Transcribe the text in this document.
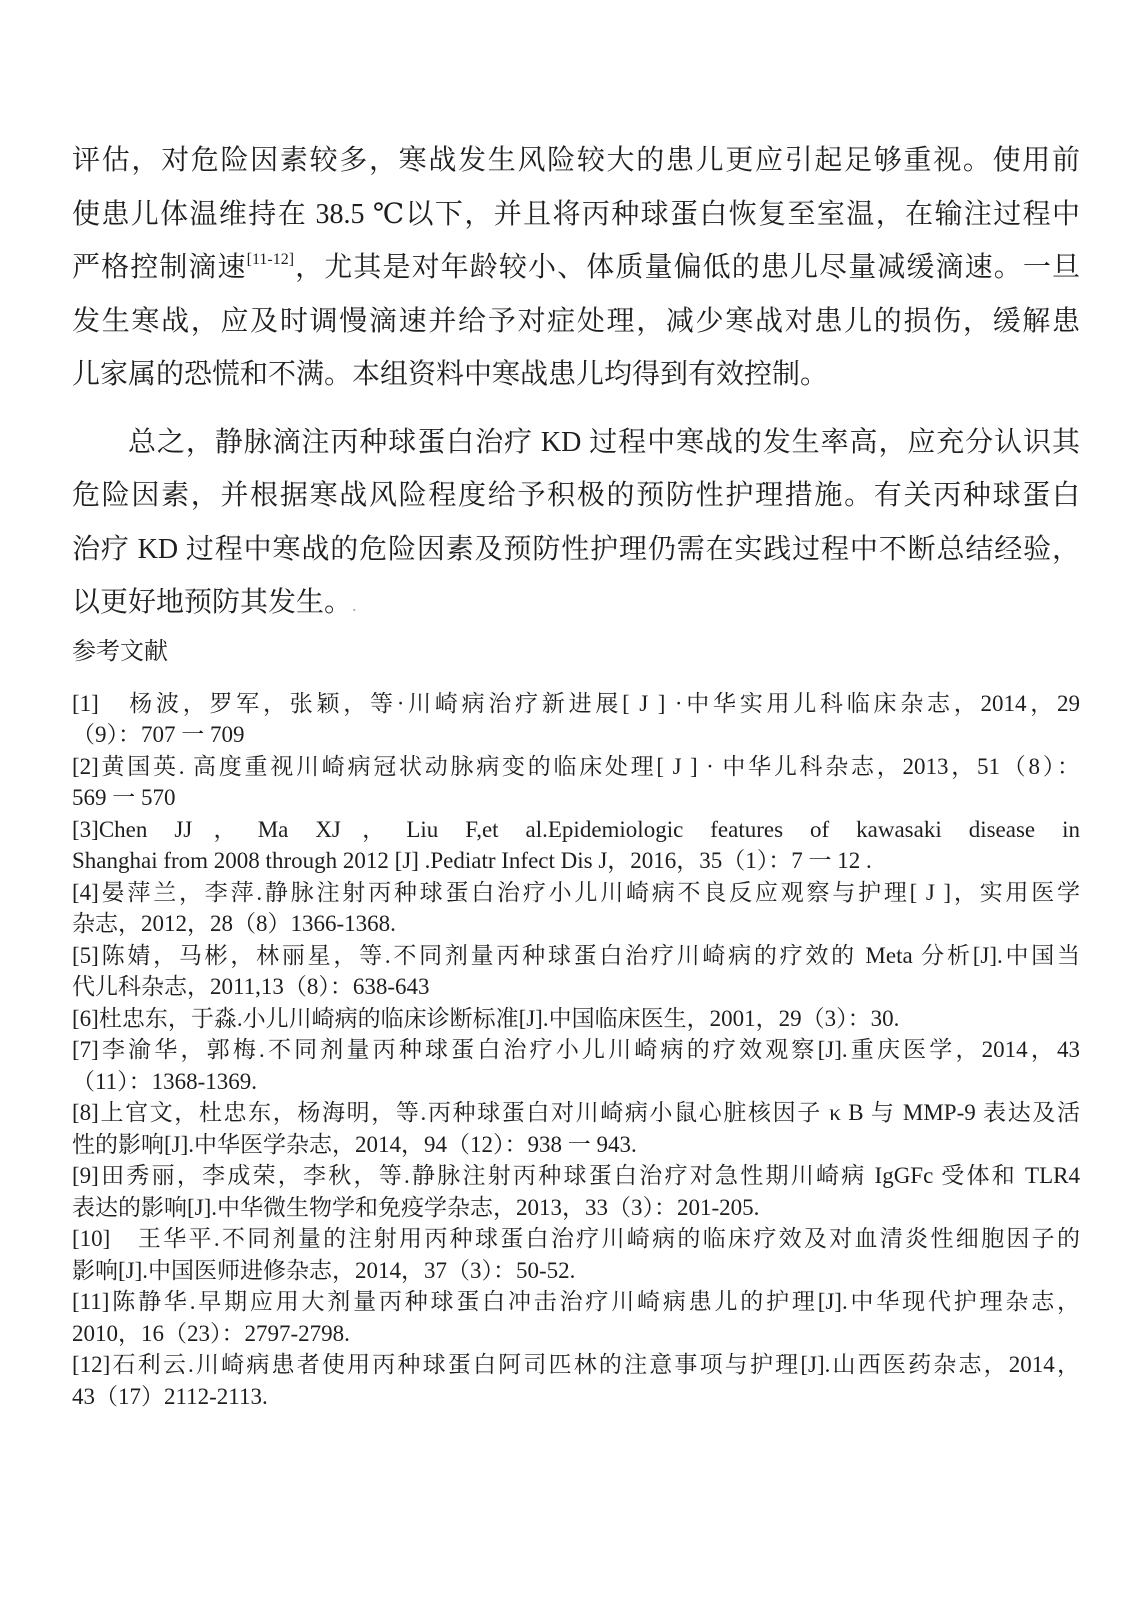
评估，对危险因素较多，寒战发生风险较大的患儿更应引起足够重视。使用前
使患儿体温维持在 38.5 ℃以下，并且将丙种球蛋白恢复至室温，在输注过程中
严格控制滴速[11-12]，尤其是对年龄较小、体质量偏低的患儿尽量减缓滴速。一旦
发生寒战，应及时调慢滴速并给予对症处理，减少寒战对患儿的损伤，缓解患
儿家属的恐慌和不满。本组资料中寒战患儿均得到有效控制。
总之，静脉滴注丙种球蛋白治疗 KD 过程中寒战的发生率高，应充分认识其
危险因素，并根据寒战风险程度给予积极的预防性护理措施。有关丙种球蛋白
治疗 KD 过程中寒战的危险因素及预防性护理仍需在实践过程中不断总结经验，
以更好地预防其发生。.
参考文献
[1]　杨波，罗军，张颖，等·川崎病治疗新进展[ J ] ·中华实用儿科临床杂志，2014，29
（9）：707 一 709
[2]黄国英. 高度重视川崎病冠状动脉病变的临床处理[ J ] · 中华儿科杂志，2013，51（8）：
569 一 570
[3]Chen JJ，Ma XJ，Liu F,et al.Epidemiologic features of kawasaki disease in
Shanghai from 2008 through 2012 [J] .Pediatr Infect Dis J，2016，35（1）：7 一 12 .
[4]晏萍兰，李萍.静脉注射丙种球蛋白治疗小儿川崎病不良反应观察与护理[ J ]，实用医学
杂志，2012，28（8）1366-1368.
[5]陈婧，马彬，林丽星，等.不同剂量丙种球蛋白治疗川崎病的疗效的 Meta 分析[J].中国当
代儿科杂志，2011,13（8）：638-643
[6]杜忠东，于淼.小儿川崎病的临床诊断标准[J].中国临床医生，2001，29（3）：30.
[7]李渝华，郭梅.不同剂量丙种球蛋白治疗小儿川崎病的疗效观察[J].重庆医学，2014，43
（11）：1368-1369.
[8]上官文，杜忠东，杨海明，等.丙种球蛋白对川崎病小鼠心脏核因子 κ B 与 MMP-9 表达及活
性的影响[J].中华医学杂志，2014，94（12）：938 一 943.
[9]田秀丽，李成荣，李秋，等.静脉注射丙种球蛋白治疗对急性期川崎病 IgGFc 受体和 TLR4
表达的影响[J].中华微生物学和免疫学杂志，2013，33（3）：201-205.
[10]　王华平.不同剂量的注射用丙种球蛋白治疗川崎病的临床疗效及对血清炎性细胞因子的
影响[J].中国医师进修杂志，2014，37（3）：50-52.
[11]陈静华.早期应用大剂量丙种球蛋白冲击治疗川崎病患儿的护理[J].中华现代护理杂志，
2010，16（23）：2797-2798.
[12]石利云.川崎病患者使用丙种球蛋白阿司匹林的注意事项与护理[J].山西医药杂志，2014，
43（17）2112-2113.
